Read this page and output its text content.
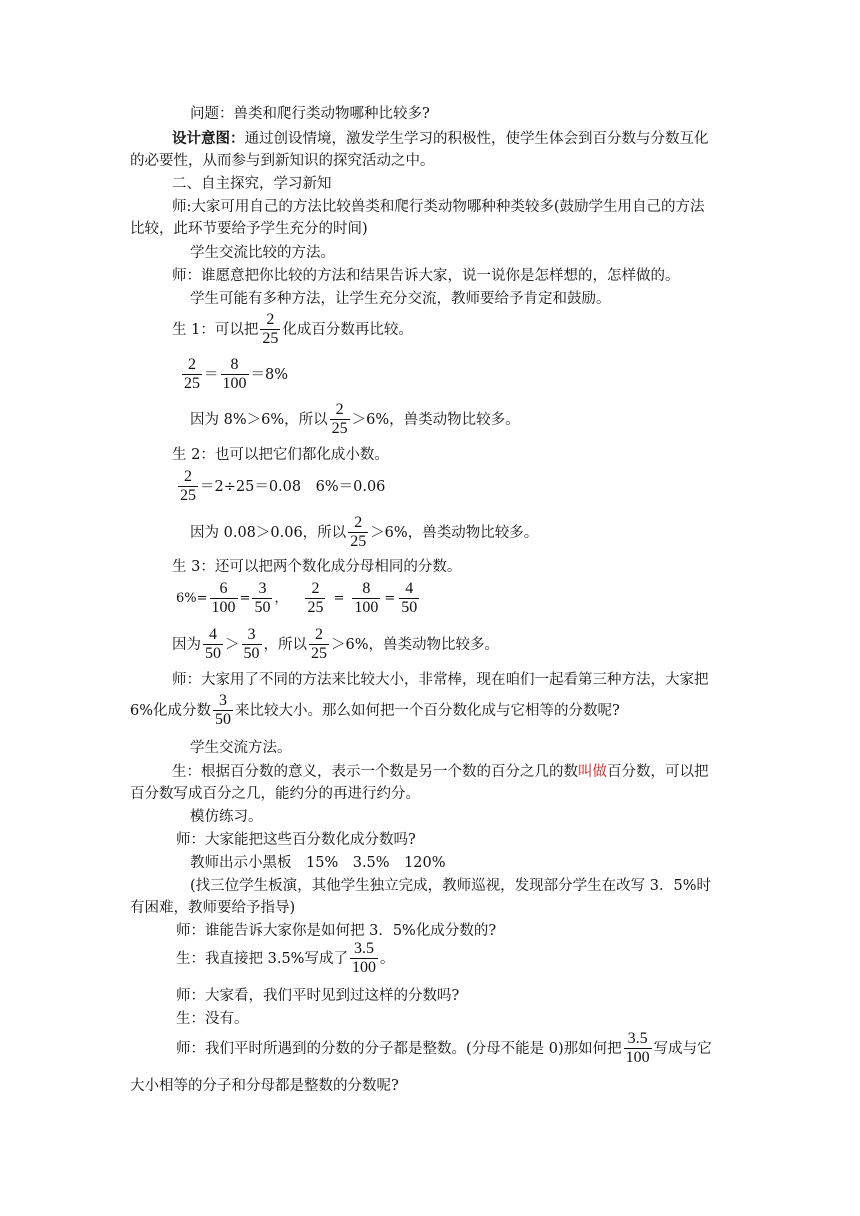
问题：兽类和爬行类动物哪种比较多?
设计意图：通过创设情境，激发学生学习的积极性，使学生体会到百分数与分数互化
的必要性，从而参与到新知识的探究活动之中。
二、自主探究，学习新知
师:大家可用自己的方法比较兽类和爬行类动物哪种种类较多(鼓励学生用自己的方法
比较，此环节要给予学生充分的时间)
学生交流比较的方法。
师：谁愿意把你比较的方法和结果告诉大家，说一说你是怎样想的，怎样做的。
学生可能有多种方法，让学生充分交流，教师要给予肯定和鼓励。
生 1：可以把 $\frac{2}{25}$ 化成百分数再比较。
$\frac{2}{25} = \frac{8}{100} =8\%$
因为 8%＞6%，所以 $\frac{2}{25} >6\%$，兽类动物比较多。
生 2：也可以把它们都化成小数。
$\frac{2}{25} =2\div 25=0.08$　6%＝0.06
因为 0.08＞0.06，所以 $\frac{2}{25} >6\%$，兽类动物比较多。
生 3：还可以把两个数化成分母相同的分数。
$6\%= \frac{6}{100} = \frac{3}{50}$ ， $\frac{2}{25} = \frac{8}{100} = \frac{4}{50}$
因为 $\frac{4}{50} > \frac{3}{50}$ ，所以 $\frac{2}{25} >6\%$，兽类动物比较多。
师：大家用了不同的方法来比较大小，非常棒，现在咱们一起看第三种方法，大家把
6%化成分数 $\frac{3}{50}$ 来比较大小。那么如何把一个百分数化成与它相等的分数呢?
学生交流方法。
生：根据百分数的意义，表示一个数是另一个数的百分之几的数叫做百分数，可以把
百分数写成百分之几，能约分的再进行约分。
模仿练习。
师：大家能把这些百分数化成分数吗?
教师出示小黑板　15%　3.5%　120%
(找三位学生板演，其他学生独立完成，教师巡视，发现部分学生在改写 3．5%时
有困难，教师要给予指导)
师：谁能告诉大家你是如何把 3．5%化成分数的?
生：我直接把 3.5%写成了 $\frac{3.5}{100}$ 。
师：大家看，我们平时见到过这样的分数吗?
生：没有。
师：我们平时所遇到的分数的分子都是整数。(分母不能是 0)那如何把 $\frac{3.5}{100}$ 写成与它
大小相等的分子和分母都是整数的分数呢?
